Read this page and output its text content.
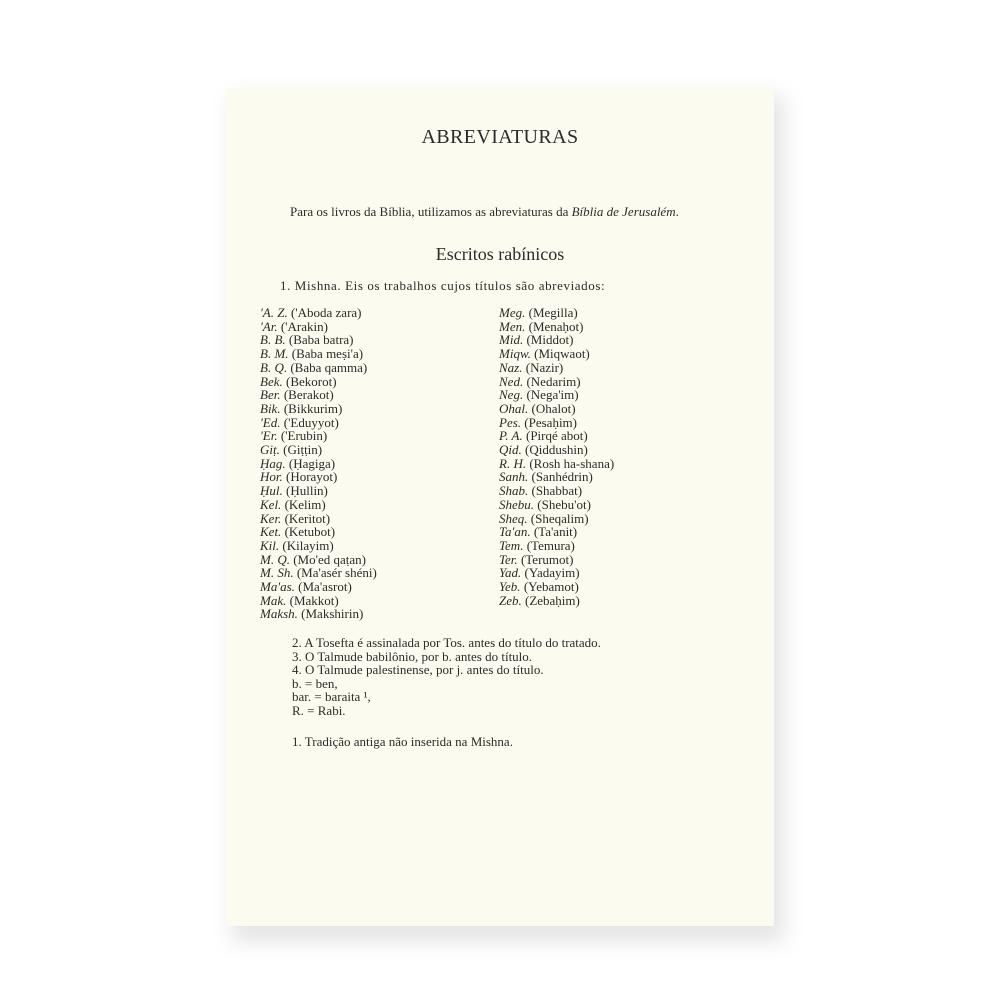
ABREVIATURAS

Para os livros da Bíblia, utilizamos as abreviaturas da Bíblia de Jerusalém.

Escritos rabínicos
1. Mishna. Eis os trabalhos cujos títulos são abreviados:
'A. Z. ('Aboda zara)
'Ar. ('Arakin)
B. B. (Baba batra)
B. M. (Baba meṣi'a)
B. Q. (Baba qamma)
Bek. (Bekorot)
Ber. (Berakot)
Bik. (Bikkurim)
'Ed. ('Eduyyot)
'Er. ('Erubin)
Giṭ. (Giṭṭin)
Ḥag. (Ḥagiga)
Hor. (Horayot)
Ḥul. (Ḥullin)
Kel. (Kelim)
Ker. (Keritot)
Ket. (Ketubot)
Kil. (Kilayim)
M. Q. (Mo'ed qaṭan)
M. Sh. (Ma'asér shéni)
Ma'as. (Ma'asrot)
Mak. (Makkot)
Maksh. (Makshirin)
Meg. (Megilla)
Men. (Menaḥot)
Mid. (Middot)
Miqw. (Miqwaot)
Naz. (Nazir)
Ned. (Nedarim)
Neg. (Nega'im)
Ohal. (Ohalot)
Pes. (Pesaḥim)
P. A. (Pirqé abot)
Qid. (Qiddushin)
R. H. (Rosh ha-shana)
Sanh. (Sanhédrin)
Shab. (Shabbat)
Shebu. (Shebu'ot)
Sheq. (Sheqalim)
Ta'an. (Ta'anit)
Tem. (Temura)
Ter. (Terumot)
Yad. (Yadayim)
Yeb. (Yebamot)
Zeb. (Zebaḥim)
2. A Tosefta é assinalada por Tos. antes do título do tratado.
3. O Talmude babilônio, por b. antes do título.
4. O Talmude palestinense, por j. antes do título.
b. = ben,
bar. = baraita ¹,
R. = Rabi.
1. Tradição antiga não inserida na Mishna.
